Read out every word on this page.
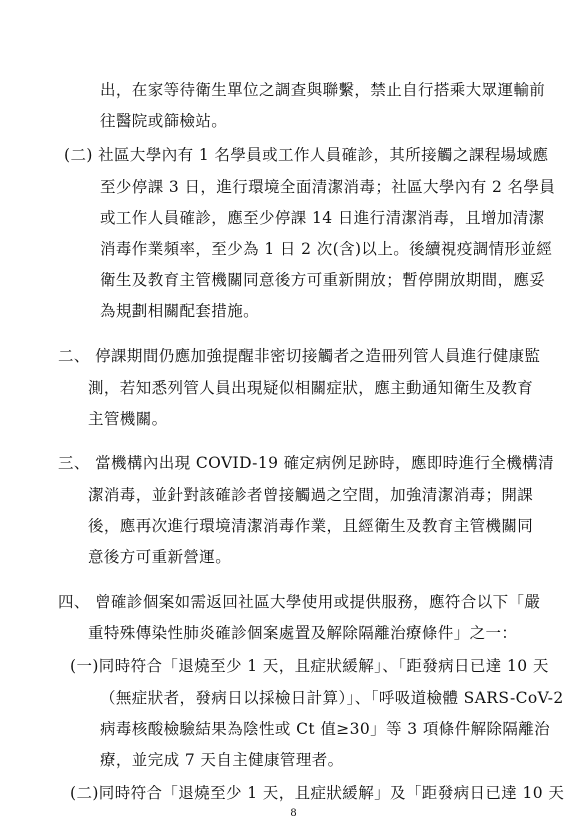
出，在家等待衛生單位之調查與聯繫，禁止自行搭乘大眾運輸前
往醫院或篩檢站。
(二) 社區大學內有 1 名學員或工作人員確診，其所接觸之課程場域應
至少停課 3 日，進行環境全面清潔消毒；社區大學內有 2 名學員
或工作人員確診，應至少停課 14 日進行清潔消毒，且增加清潔
消毒作業頻率，至少為 1 日 2 次(含)以上。後續視疫調情形並經
衛生及教育主管機關同意後方可重新開放；暫停開放期間，應妥
為規劃相關配套措施。
二、 停課期間仍應加強提醒非密切接觸者之造冊列管人員進行健康監
測，若知悉列管人員出現疑似相關症狀，應主動通知衛生及教育
主管機關。
三、 當機構內出現 COVID-19 確定病例足跡時，應即時進行全機構清
潔消毒，並針對該確診者曾接觸過之空間，加強清潔消毒；開課
後，應再次進行環境清潔消毒作業，且經衛生及教育主管機關同
意後方可重新營運。
四、 曾確診個案如需返回社區大學使用或提供服務，應符合以下「嚴
重特殊傳染性肺炎確診個案處置及解除隔離治療條件」之一：
(一)同時符合「退燒至少 1 天，且症狀緩解」、「距發病日已達 10 天
（無症狀者，發病日以採檢日計算）」、「呼吸道檢體 SARS-CoV-2
病毒核酸檢驗結果為陰性或 Ct 值≥30」等 3 項條件解除隔離治
療，並完成 7 天自主健康管理者。
(二)同時符合「退燒至少 1 天，且症狀緩解」及「距發病日已達 10 天
8
